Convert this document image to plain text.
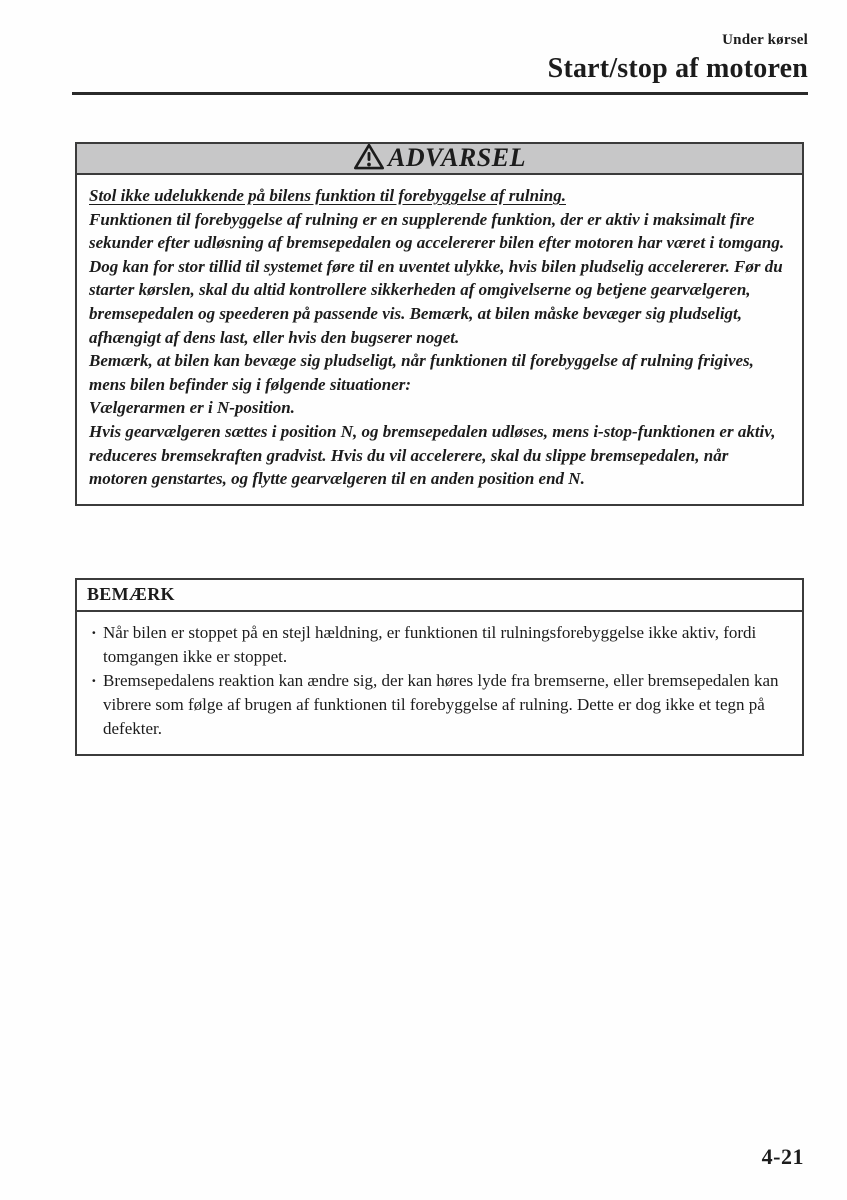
Under kørsel
Start/stop af motoren
ADVARSEL

Stol ikke udelukkende på bilens funktion til forebyggelse af rulning.

Funktionen til forebyggelse af rulning er en supplerende funktion, der er aktiv i maksimalt fire sekunder efter udløsning af bremsepedalen og accelererer bilen efter motoren har været i tomgang. Dog kan for stor tillid til systemet føre til en uventet ulykke, hvis bilen pludselig accelererer. Før du starter kørslen, skal du altid kontrollere sikkerheden af omgivelserne og betjene gearvælgeren, bremsepedalen og speederen på passende vis. Bemærk, at bilen måske bevæger sig pludseligt, afhængigt af dens last, eller hvis den bugserer noget.

Bemærk, at bilen kan bevæge sig pludseligt, når funktionen til forebyggelse af rulning frigives, mens bilen befinder sig i følgende situationer:

Vælgerarmen er i N-position.

Hvis gearvælgeren sættes i position N, og bremsepedalen udløses, mens i-stop-funktionen er aktiv, reduceres bremsekraften gradvist. Hvis du vil accelerere, skal du slippe bremsepedalen, når motoren genstartes, og flytte gearvælgeren til en anden position end N.

BEMÆRK
· Når bilen er stoppet på en stejl hældning, er funktionen til rulningsforebyggelse ikke aktiv, fordi tomgangen ikke er stoppet.
· Bremsepedalens reaktion kan ændre sig, der kan høres lyde fra bremserne, eller bremsepedalen kan vibrere som følge af brugen af funktionen til forebyggelse af rulning. Dette er dog ikke et tegn på defekter.
4-21
